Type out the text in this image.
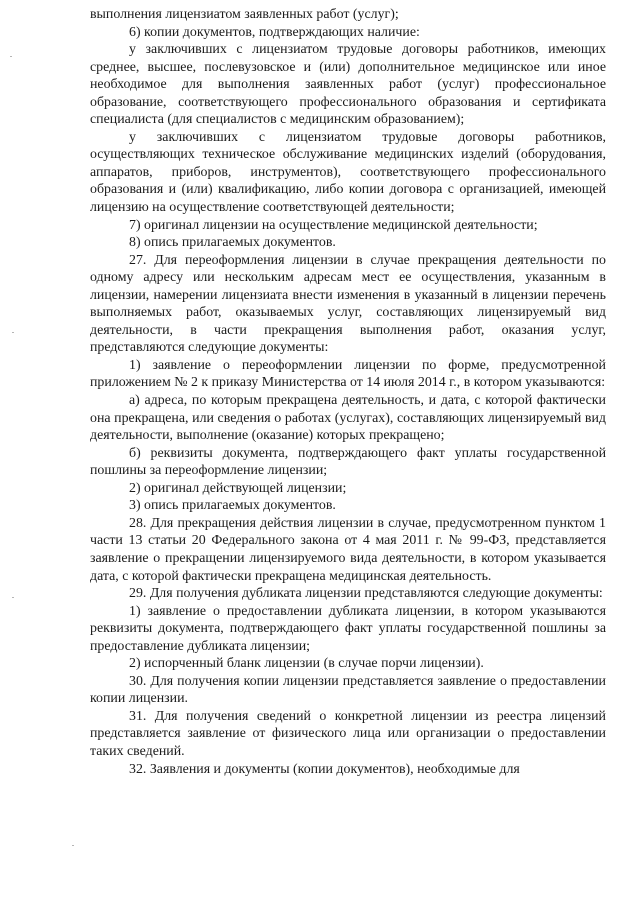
выполнения лицензиатом заявленных работ (услуг);

6) копии документов, подтверждающих наличие:

у заключивших с лицензиатом трудовые договоры работников, имеющих среднее, высшее, послевузовское и (или) дополнительное медицинское или иное необходимое для выполнения заявленных работ (услуг) профессиональное образование, соответствующего профессионального образования и сертификата специалиста (для специалистов с медицинским образованием);

у заключивших с лицензиатом трудовые договоры работников, осуществляющих техническое обслуживание медицинских изделий (оборудования, аппаратов, приборов, инструментов), соответствующего профессионального образования и (или) квалификацию, либо копии договора с организацией, имеющей лицензию на осуществление соответствующей деятельности;

7) оригинал лицензии на осуществление медицинской деятельности;

8) опись прилагаемых документов.

27. Для переоформления лицензии в случае прекращения деятельности по одному адресу или нескольким адресам мест ее осуществления, указанным в лицензии, намерении лицензиата внести изменения в указанный в лицензии перечень выполняемых работ, оказываемых услуг, составляющих лицензируемый вид деятельности, в части прекращения выполнения работ, оказания услуг, представляются следующие документы:

1) заявление о переоформлении лицензии по форме, предусмотренной приложением № 2 к приказу Министерства от 14 июля 2014 г., в котором указываются:

а) адреса, по которым прекращена деятельность, и дата, с которой фактически она прекращена, или сведения о работах (услугах), составляющих лицензируемый вид деятельности, выполнение (оказание) которых прекращено;

б) реквизиты документа, подтверждающего факт уплаты государственной пошлины за переоформление лицензии;

2) оригинал действующей лицензии;

3) опись прилагаемых документов.

28. Для прекращения действия лицензии в случае, предусмотренном пунктом 1 части 13 статьи 20 Федерального закона от 4 мая 2011 г. № 99-ФЗ, представляется заявление о прекращении лицензируемого вида деятельности, в котором указывается дата, с которой фактически прекращена медицинская деятельность.

29. Для получения дубликата лицензии представляются следующие документы:

1) заявление о предоставлении дубликата лицензии, в котором указываются реквизиты документа, подтверждающего факт уплаты государственной пошлины за предоставление дубликата лицензии;

2) испорченный бланк лицензии (в случае порчи лицензии).

30. Для получения копии лицензии представляется заявление о предоставлении копии лицензии.

31. Для получения сведений о конкретной лицензии из реестра лицензий представляется заявление от физического лица или организации о предоставлении таких сведений.

32. Заявления и документы (копии документов), необходимые для
